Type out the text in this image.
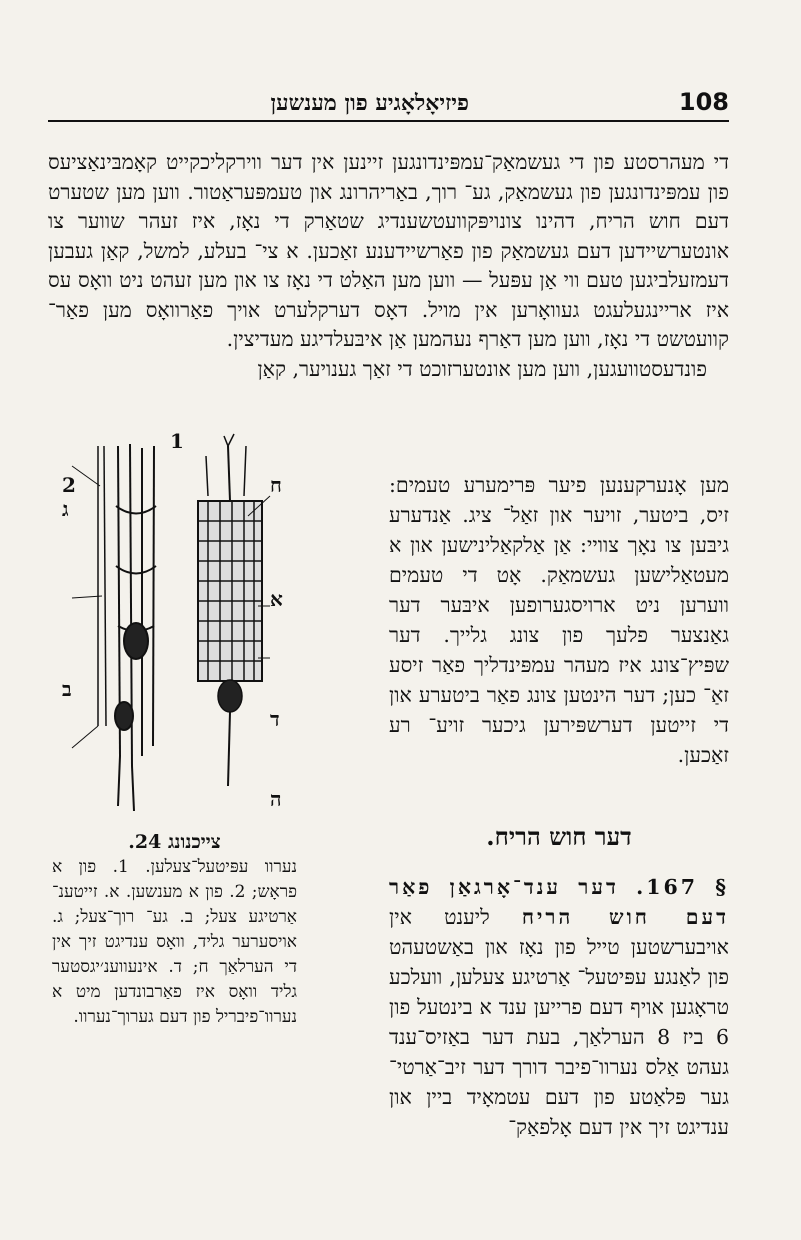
108
פיזיאָלאָגיע פון מענשען

די מעהרסטע פון די געשמאַק־עמפּינדונגען זיינען אין דער ווירקליכקייט קאָמבּינאַציעס פון עמפּינדונגען פון געשמאַק, גע־ רוך, באַריהרונג און טעמפּעראַטור. ווען מען שטערט דעם חוש הריח, דהינו צונויפּקוועטשענדיג שטאַרק די נאָז, איז זעהר שווער צו אונטערשיידען דעם געשמאַק פון פאַרשיידענע זאַכען. א צי־ בעלע, למשל, קאַן געבען דעמזעלביגען טעם ווי אַן עפּעל — ווען מען האַלט די נאָז צו און מען זעהט ניט וואָס עס איז אריינגעלעגט געוואָרען אין מויל. דאָס דערקלערט אויך פאַרוואָס מען פאַר־ קוועטשט די נאָז, ווען מען דאַרף נעהמען אַן איבּעלדיגע מעדיצין.

פונדעסטוועגען, ווען מען אונטערזוכט די זאַך גענויער, קאַן

מען אָנערקענען פיער פּרימערע טעמים: זיס, ביטער, זויער און זאַל־ ציג. אַנדערע גיבּען צו נאָך צוויי: אַן אַלקאַלינישען און א מעטאַלישען געשמאַק. אָט די טעמים ווערען ניט ארויסגערופען איבּער דער גאַנצער פלעך פון צונג גלייך. דער שפּיץ־צונג איז מעהר עמפּינדליך פאַר זיסע זאַ־ כען; דער הינטען צונג פאַר ביטערע און די זייטען דערשפּירען גיכער זויע־ רע זאַכען.

דער חוש הריח.

§ 167. דער ענד־אָרגאַן פאַר דעם חוש הריח ליענט אין אויבערשטען טייל פון נאָז און באַשטעהט פון לאַנגע עפּיטעל־ אַרטיגע צעלען, וועלכע טראָגען אויף דעם פרייען ענד א בינטעל פון 6 ביז 8 הערלאַך, בעת דער באַזיס־ענד געהט אַלס נערוו־פיבר דורך דער זיב־אַרטי־ גער פּלאַטע פון דעם עטמאָיד ביין און ענדיגט זיך אין דעם אָלפאַק־

1
2	ח
ג
א
ב
ד
ה

צייכנונג 24.

נערוו עפּיטעל־צעלען. 1. פון א פראָש; 2. פון א מענשען. א. זייטענ־ אַרטיגע צעל; ב. גע־ רוך־צעל; ג. אויסערער גליד, וואָס ענדיגט זיך אין די הערלאַך ח; ד. אינעווענ׳יגסטער גליד וואָס איז פאַרבונדען מיט א נערוו־פיבריל פון דעם גערוך־נערוו.
